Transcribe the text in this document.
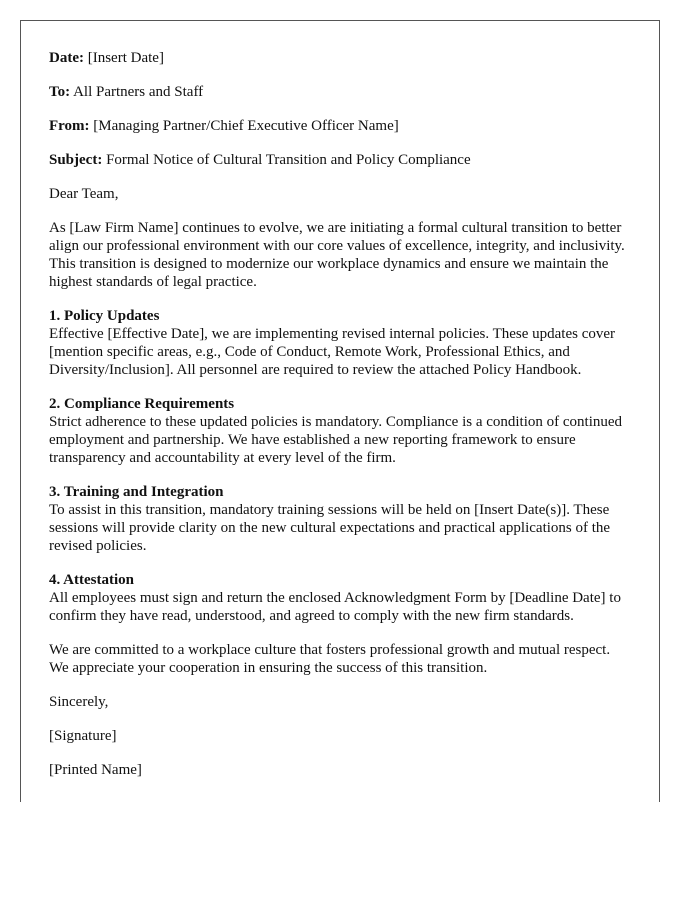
Date: [Insert Date]

To: All Partners and Staff

From: [Managing Partner/Chief Executive Officer Name]

Subject: Formal Notice of Cultural Transition and Policy Compliance

Dear Team,

As [Law Firm Name] continues to evolve, we are initiating a formal cultural transition to better align our professional environment with our core values of excellence, integrity, and inclusivity. This transition is designed to modernize our workplace dynamics and ensure we maintain the highest standards of legal practice.

1. Policy Updates
Effective [Effective Date], we are implementing revised internal policies. These updates cover [mention specific areas, e.g., Code of Conduct, Remote Work, Professional Ethics, and Diversity/Inclusion]. All personnel are required to review the attached Policy Handbook.
2. Compliance Requirements
Strict adherence to these updated policies is mandatory. Compliance is a condition of continued employment and partnership. We have established a new reporting framework to ensure transparency and accountability at every level of the firm.
3. Training and Integration
To assist in this transition, mandatory training sessions will be held on [Insert Date(s)]. These sessions will provide clarity on the new cultural expectations and practical applications of the revised policies.
4. Attestation
All employees must sign and return the enclosed Acknowledgment Form by [Deadline Date] to confirm they have read, understood, and agreed to comply with the new firm standards.

We are committed to a workplace culture that fosters professional growth and mutual respect. We appreciate your cooperation in ensuring the success of this transition.

Sincerely,

[Signature]

[Printed Name]
